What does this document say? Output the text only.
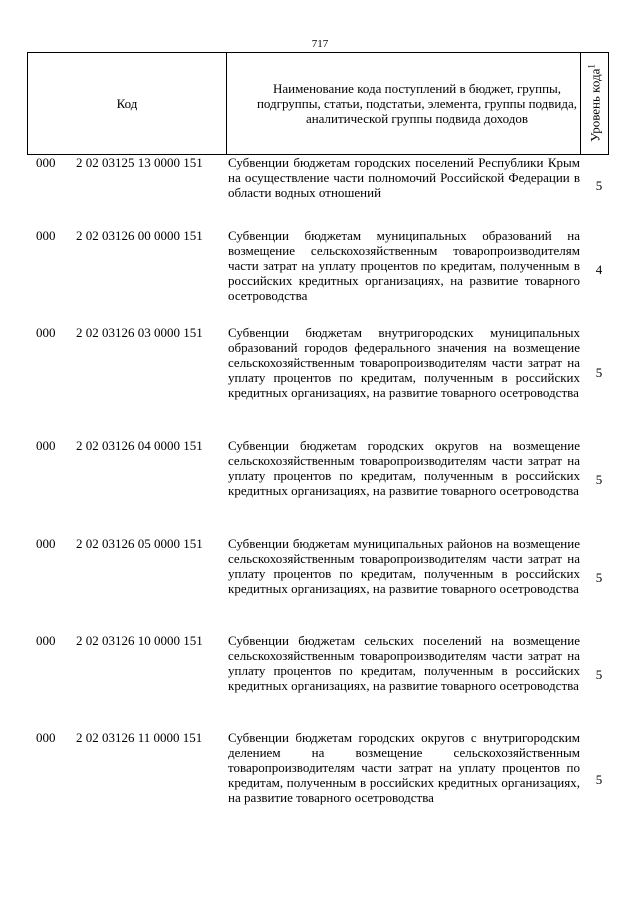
717
Код
Наименование кода поступлений в бюджет, группы, подгруппы, статьи, подстатьи, элемента, группы подвида, аналитической группы подвида доходов	Уровень кода$^1$
000 2 02 03125 13 0000 151 Субвенции бюджетам городских поселений Республики Крым на осуществление части полномочий Российской Федерации в области водных отношений	5
000 2 02 03126 00 0000 151 Субвенции бюджетам муниципальных образований на возмещение сельскохозяйственным товаропроизводителям части затрат на уплату процентов по кредитам, полученным в российских кредитных организациях, на развитие товарного осетроводства
4
000 2 02 03126 03 0000 151 Субвенции бюджетам внутригородских муниципальных образований городов федерального значения на возмещение сельскохозяйственным товаропроизводителям части затрат на уплату процентов по кредитам, полученным в российских кредитных организациях, на развитие товарного осетроводства
5
000 2 02 03126 04 0000 151 Субвенции бюджетам городских округов на возмещение сельскохозяйственным товаропроизводителям части затрат на уплату процентов по кредитам, полученным в российских кредитных организациях, на развитие товарного осетроводства
5
000 2 02 03126 05 0000 151 Субвенции бюджетам муниципальных районов на возмещение сельскохозяйственным товаропроизводителям части затрат на уплату процентов по кредитам, полученным в российских кредитных организациях, на развитие товарного осетроводства
5
000 2 02 03126 10 0000 151 Субвенции бюджетам сельских поселений на возмещение сельскохозяйственным товаропроизводителям части затрат на уплату процентов по кредитам, полученным в российских кредитных организациях, на развитие товарного осетроводства
5
000 2 02 03126 11 0000 151 Субвенции бюджетам городских округов с внутригородским делением на возмещение сельскохозяйственным товаропроизводителям части затрат на уплату процентов по кредитам, полученным в российских кредитных организациях, на развитие товарного осетроводства
5
